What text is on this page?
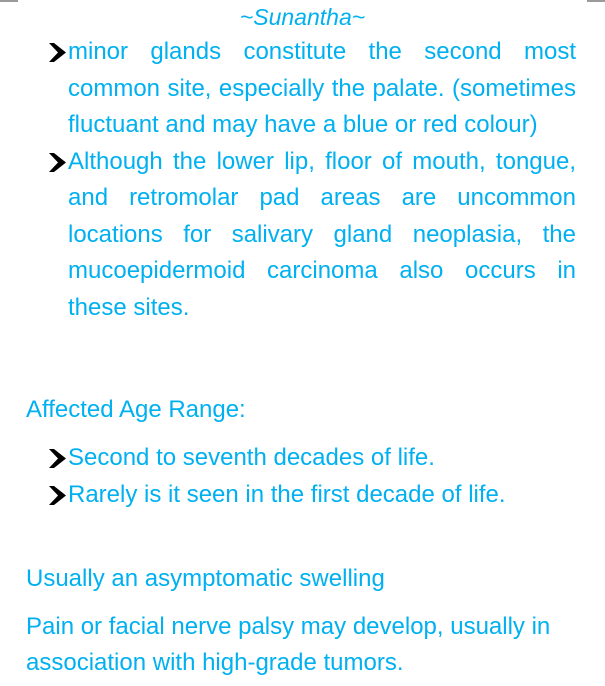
~Sunantha~
minor glands constitute the second most common site, especially the palate. (sometimes fluctuant and may have a blue or red colour)
Although the lower lip, floor of mouth, tongue, and retromolar pad areas are uncommon locations for salivary gland neoplasia, the mucoepidermoid carcinoma also occurs in these sites.

Affected Age Range:

Second to seventh decades of life.
Rarely is it seen in the first decade of life.

Usually an asymptomatic swelling

Pain or facial nerve palsy may develop, usually in association with high-grade tumors.
